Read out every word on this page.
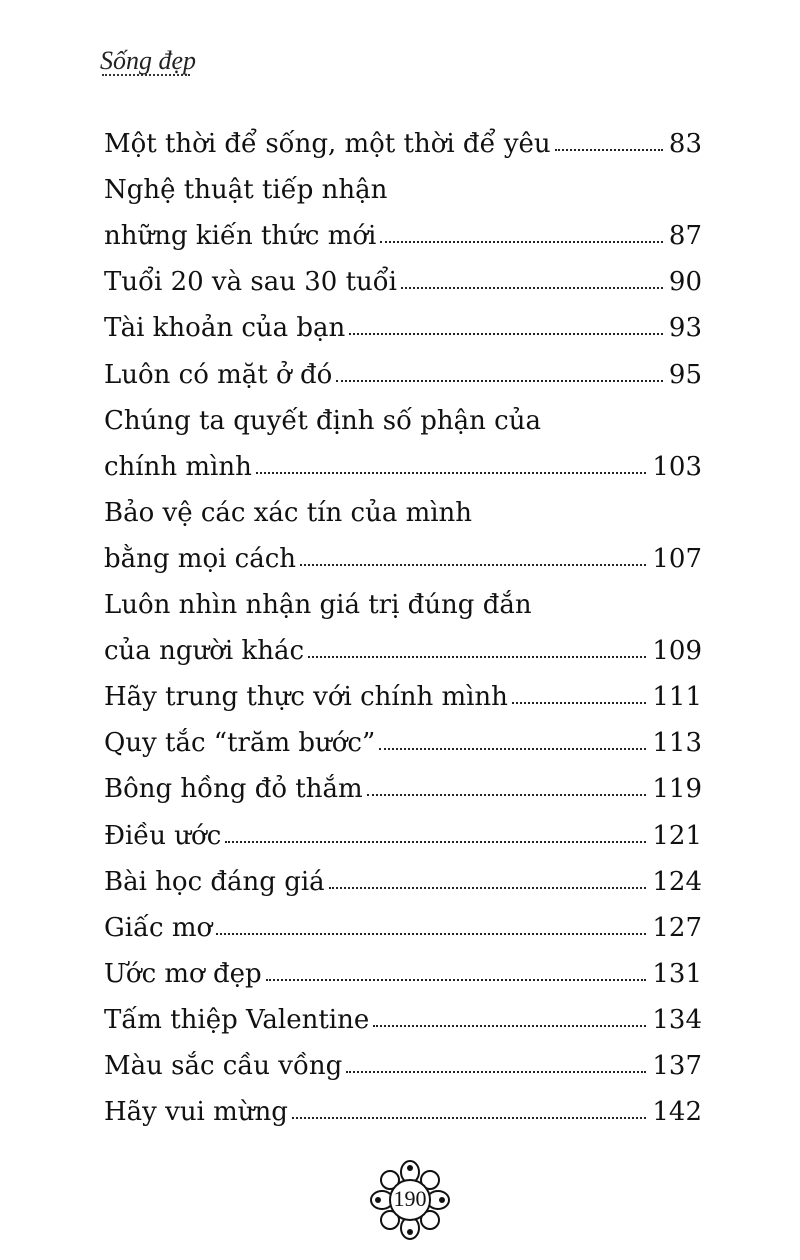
Sống đẹp
Một thời để sống, một thời để yêu	83
Nghệ thuật tiếp nhận
những kiến thức mới	87
Tuổi 20 và sau 30 tuổi	90
Tài khoản của bạn	93
Luôn có mặt ở đó	95
Chúng ta quyết định số phận của
chính mình	103
Bảo vệ các xác tín của mình
bằng mọi cách	107
Luôn nhìn nhận giá trị đúng đắn
của người khác	109
Hãy trung thực với chính mình	111
Quy tắc “trăm bước”	113
Bông hồng đỏ thắm	119
Điều ước	121
Bài học đáng giá	124
Giấc mơ	127
Ước mơ đẹp	131
Tấm thiệp Valentine	134
Màu sắc cầu vồng	137
Hãy vui mừng	142
190
